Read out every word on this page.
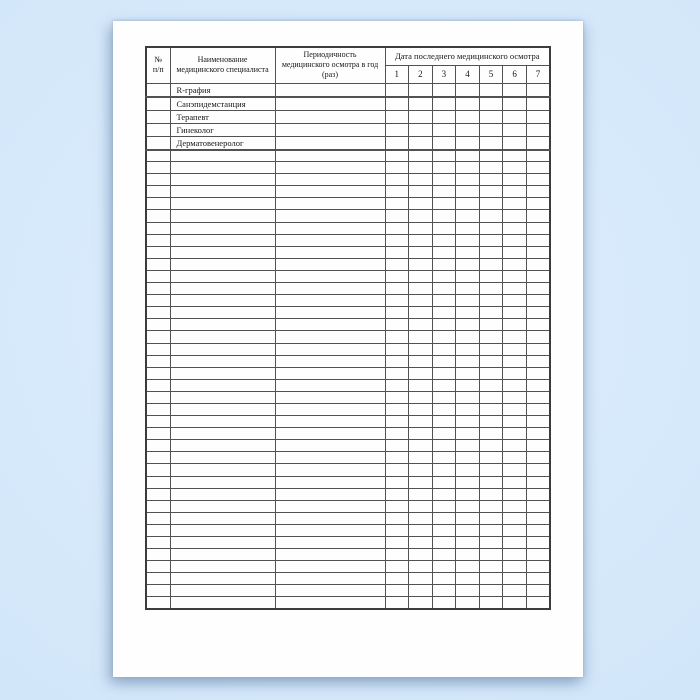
№ п/п	Наименование медицинского специалиста	Периодичность медицинского осмотра в год (раз)	Дата последнего медицинского осмотра						
			1	2	3	4	5	6	7
	R-графия								
	Санэпидемстанция								
	Терапевт								
	Гинеколог								
	Дерматовенеролог								
